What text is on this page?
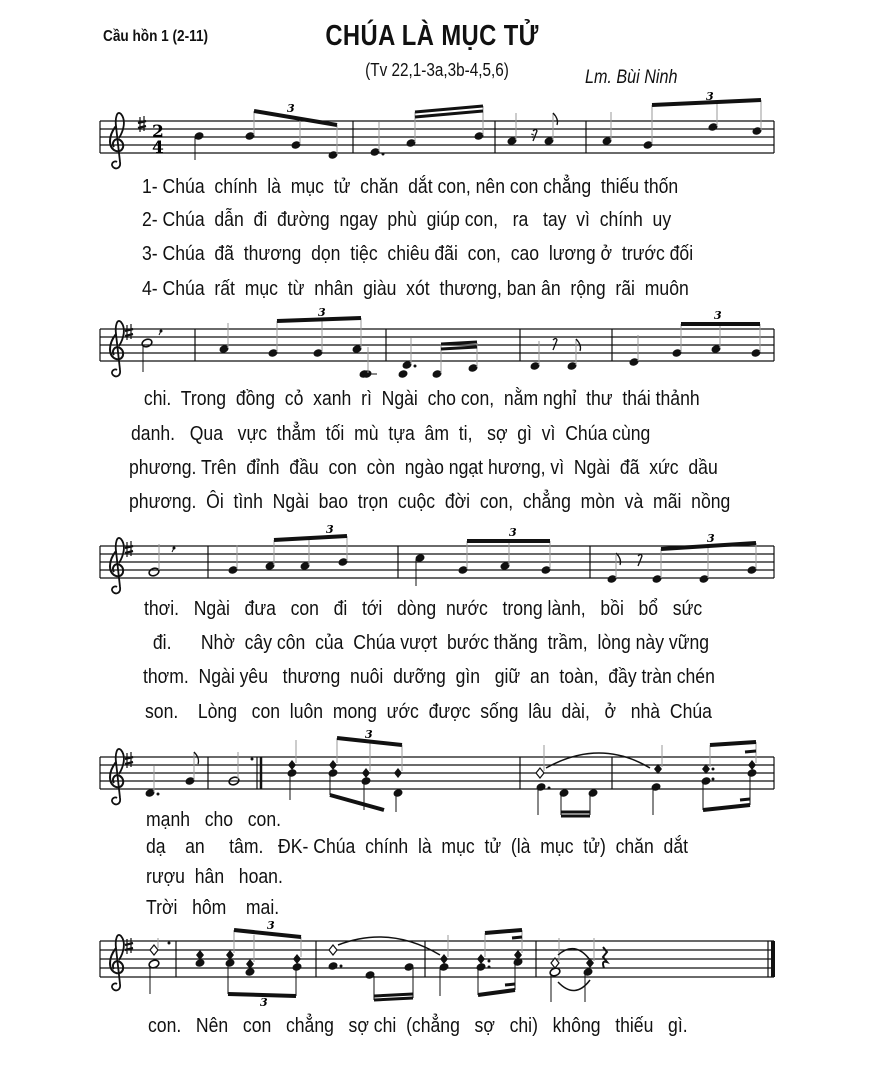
Cầu hồn 1 (2-11)	CHÚA LÀ MỤC TỬ
(Tv 22,1-3a,3b-4,5,6)	Lm. Bùi Ninh
2
4
3
𝄾
3
1- Chúa  chính  là  mục  tử  chăn  dắt con, nên con chẳng  thiếu thốn
2- Chúa  dẫn  đi  đường  ngay  phù  giúp con,   ra   tay  vì  chính  uy
3- Chúa  đã  thương  dọn  tiệc  chiêu đãi  con,  cao  lương ở  trước đối
4- Chúa  rất  mục  từ  nhân  giàu  xót  thương, ban ân  rộng  rãi  muôn
3	3
chi.  Trong  đồng  cỏ  xanh  rì  Ngài  cho con,  nằm nghỉ  thư  thái thảnh
danh.   Qua   vực  thẳm  tối  mù  tựa  âm  ti,   sợ  gì  vì  Chúa cùng
phương. Trên  đỉnh  đầu  con  còn  ngào ngạt hương, vì  Ngài  đã  xức  dầu
phương.  Ôi  tình  Ngài  bao  trọn  cuộc  đời  con,  chẳng  mòn  và  mãi  nồng
3	3	3
thơi.   Ngài   đưa   con   đi   tới   dòng  nước   trong lành,   bồi   bổ   sức
đi.      Nhờ  cây côn  của  Chúa vượt  bước thăng  trầm,  lòng này vững
thơm.  Ngài yêu   thương  nuôi  dưỡng  gìn   giữ  an  toàn,  đầy tràn chén
son.    Lòng   con  luôn  mong  ước  được  sống  lâu  dài,   ở   nhà  Chúa
3
mạnh   cho   con.
dạ    an     tâm.   ĐK- Chúa  chính  là  mục  tử  (là  mục  tử)  chăn  dắt
rượu  hân   hoan.
Trời   hôm    mai.
3
3
con.   Nên   con   chẳng   sợ chi  (chẳng   sợ   chi)   không   thiếu   gì.
